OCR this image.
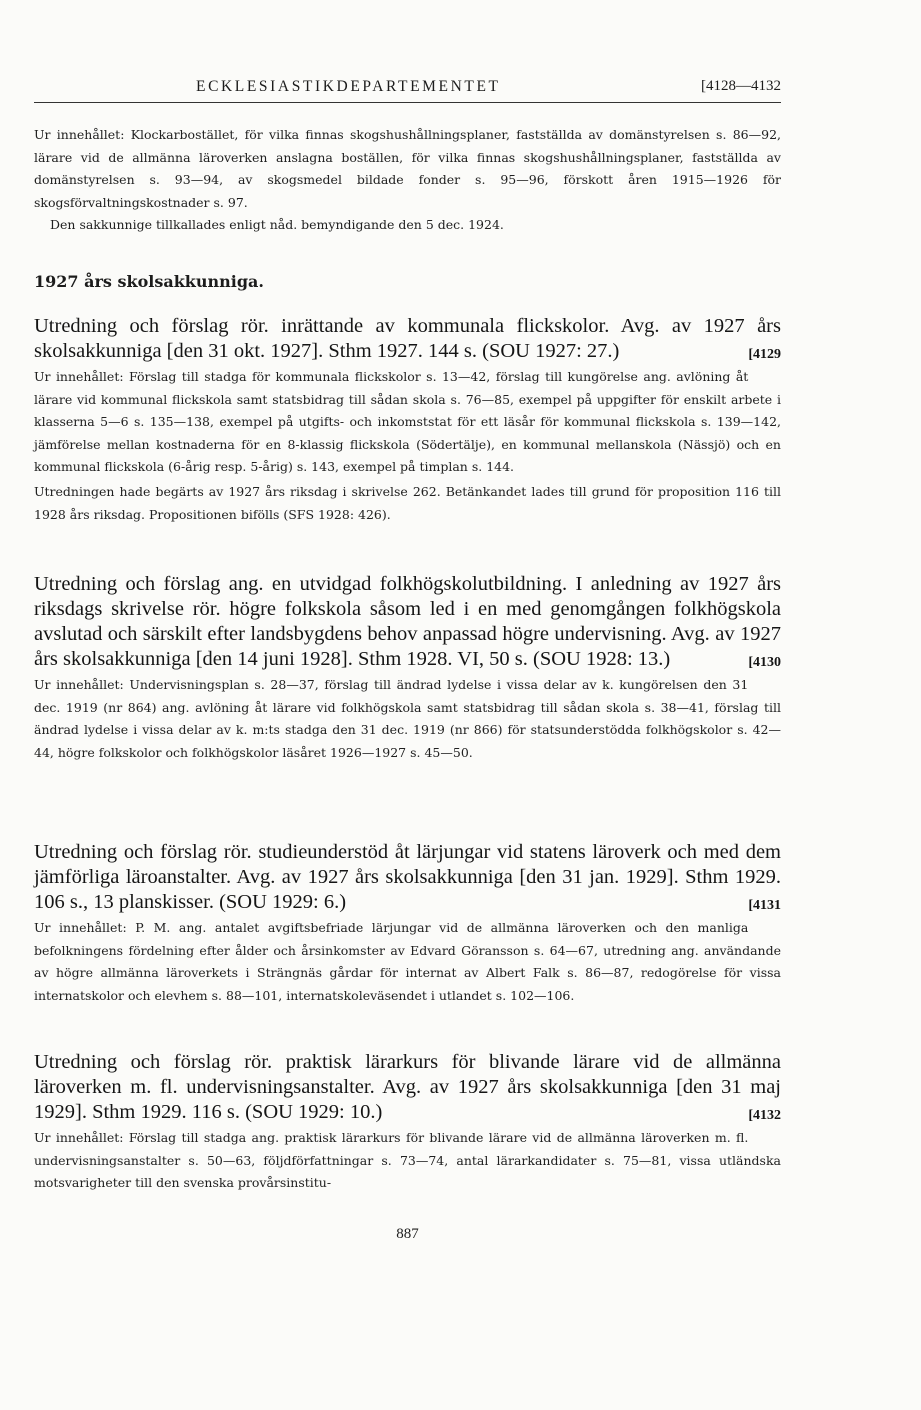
ECKLESIASTIKDEPARTEMENTET	[4128—4132

Ur innehållet: Klockarbostället, för vilka finnas skogshushållningsplaner, fastställda av domänstyrelsen s. 86—92, lärare vid de allmänna läroverken anslagna boställen, för vilka finnas skogshushållningsplaner, fastställda av domänstyrelsen s. 93—94, av skogsmedel bildade fonder s. 95—96, förskott åren 1915—1926 för skogsförvaltningskostnader s. 97.

Den sakkunnige tillkallades enligt nåd. bemyndigande den 5 dec. 1924.

1927 års skolsakkunniga.

Utredning och förslag rör. inrättande av kommunala flickskolor. Avg. av 1927 års skolsakkunniga [den 31 okt. 1927]. Sthm 1927. 144 s. (SOU 1927: 27.)	[4129

Ur innehållet: Förslag till stadga för kommunala flickskolor s. 13—42, förslag till kungörelse ang. avlöning åt lärare vid kommunal flickskola samt statsbidrag till sådan skola s. 76—85, exempel på uppgifter för enskilt arbete i klasserna 5—6 s. 135—138, exempel på utgifts- och inkomststat för ett läsår för kommunal flickskola s. 139—142, jämförelse mellan kostnaderna för en 8-klassig flickskola (Södertälje), en kommunal mellanskola (Nässjö) och en kommunal flickskola (6-årig resp. 5-årig) s. 143, exempel på timplan s. 144.

Utredningen hade begärts av 1927 års riksdag i skrivelse 262. Betänkandet lades till grund för proposition 116 till 1928 års riksdag. Propositionen bifölls (SFS 1928: 426).

Utredning och förslag ang. en utvidgad folkhögskolutbildning. I anledning av 1927 års riksdags skrivelse rör. högre folkskola såsom led i en med genomgången folkhögskola avslutad och särskilt efter landsbygdens behov anpassad högre undervisning. Avg. av 1927 års skolsakkunniga [den 14 juni 1928]. Sthm 1928. VI, 50 s. (SOU 1928: 13.)	[4130

Ur innehållet: Undervisningsplan s. 28—37, förslag till ändrad lydelse i vissa delar av k. kungörelsen den 31 dec. 1919 (nr 864) ang. avlöning åt lärare vid folkhögskola samt statsbidrag till sådan skola s. 38—41, förslag till ändrad lydelse i vissa delar av k. m:ts stadga den 31 dec. 1919 (nr 866) för statsunderstödda folkhögskolor s. 42—44, högre folkskolor och folkhögskolor läsåret 1926—1927 s. 45—50.

Utredning och förslag rör. studieunderstöd åt lärjungar vid statens läroverk och med dem jämförliga läroanstalter. Avg. av 1927 års skolsakkunniga [den 31 jan. 1929]. Sthm 1929. 106 s., 13 planskisser. (SOU 1929: 6.)	[4131

Ur innehållet: P. M. ang. antalet avgiftsbefriade lärjungar vid de allmänna läroverken och den manliga befolkningens fördelning efter ålder och årsinkomster av Edvard Göransson s. 64—67, utredning ang. användande av högre allmänna läroverkets i Strängnäs gårdar för internat av Albert Falk s. 86—87, redogörelse för vissa internatskolor och elevhem s. 88—101, internatskoleväsendet i utlandet s. 102—106.

Utredning och förslag rör. praktisk lärarkurs för blivande lärare vid de allmänna läroverken m. fl. undervisningsanstalter. Avg. av 1927 års skolsakkunniga [den 31 maj 1929]. Sthm 1929. 116 s. (SOU 1929: 10.)	[4132

Ur innehållet: Förslag till stadga ang. praktisk lärarkurs för blivande lärare vid de allmänna läroverken m. fl. undervisningsanstalter s. 50—63, följdförfattningar s. 73—74, antal lärarkandidater s. 75—81, vissa utländska motsvarigheter till den svenska provårsinstitu-

887
